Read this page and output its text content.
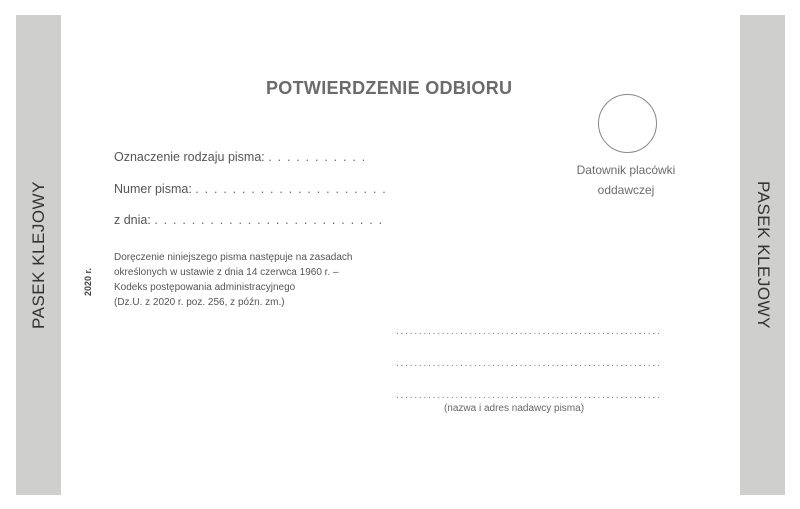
PASEK KLEJOWY	PASEK KLEJOWY
POTWIERDZENIE ODBIORU
Oznaczenie rodzaju pisma: . . . . . . . . . . .
Numer pisma: . . . . . . . . . . . . . . . . . . . . .
z dnia: . . . . . . . . . . . . . . . . . . . . . . . . .
2020 r.
Doręczenie niniejszego pisma następuje na zasadach
określonych w ustawie z dnia 14 czerwca 1960 r. –
Kodeks postępowania administracyjnego
(Dz.U. z 2020 r. poz. 256, z późn. zm.)
Datownik placówki
oddawczej
..........................................................
..........................................................
..........................................................
(nazwa i adres nadawcy pisma)
